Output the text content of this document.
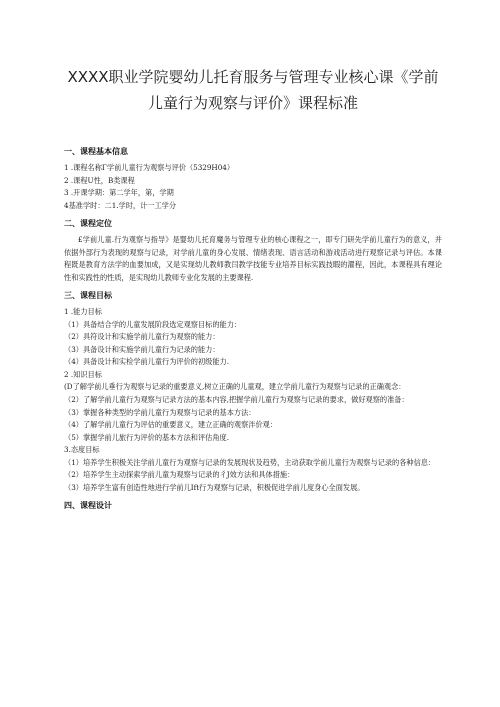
XXXX职业学院婴幼儿托育服务与管理专业核心课《学前儿童行为观察与评价》课程标准
一、课程基本信息

1 .课程名称Γ学前儿童行为观察与评价（5329H04）

2 .课程U性，B类课程

3 .开课学期：第二学年，第，学期

4基准学时：二1.学时，计一工学分

二、课程定位

£学前儿童.行为观察与指导》是婴幼儿托育魔务与管理专业的核心课程之一，即专门研先学前儿童行为的意义，并依据外部行为表现的观察与记录，对学前儿童的身心发展、情绪表现、语言活动和游戏活动进行观察记录与评估。本课程既是教育方法学的血要加成，又是实现幼儿教师教闫教学技能专业培养目标实践技暇的濯程，因此，本课程具有理论性和实践性的性质，是实现幼儿教师专业化发展的主要课程.

三、课程目标

1 .能力目标

（1）具备结合学的儿童发展阶段选定观察目标的能力：

（2）具符设计和实施学前儿童行为观察的能力：

（3）具备设计和实施学前儿童行为记录的能力：

（4）具备设计和实检学前儿童行为评价的初级能力.

2 .知识目标

(D了解学前儿垂行为观察与记录的重要意义,树立正确的儿童观，建立学前儿童行为观察与记录的正确观念：

（2）了解学前儿童行为观察与记录方法的基本内容,把握学前儿童行为观察与记录的要求，做好观察的准备：

（3）掌握各种类型的学前儿童行为观察与记录的基本方法：

（4）了解学前儿童行为评估的重要意义，建立正确的观察泮价观：

（5）掌握学前儿旅行为评价的基本方法和评估角度.

3.态度目标

（1）培养学生积极关注学前儿童行为观察与记录的发展现状及趋势，主动获取学前儿童行为观察与记录的各种信息：

（2）培养学生主动探索学前儿童为观察与记录的彳J效方法和具体措施：

（3）培养学生富有创造性地进行学前儿Ift行为观察与记录，积极促进学前儿度身心全面发展。

四、课程设计
